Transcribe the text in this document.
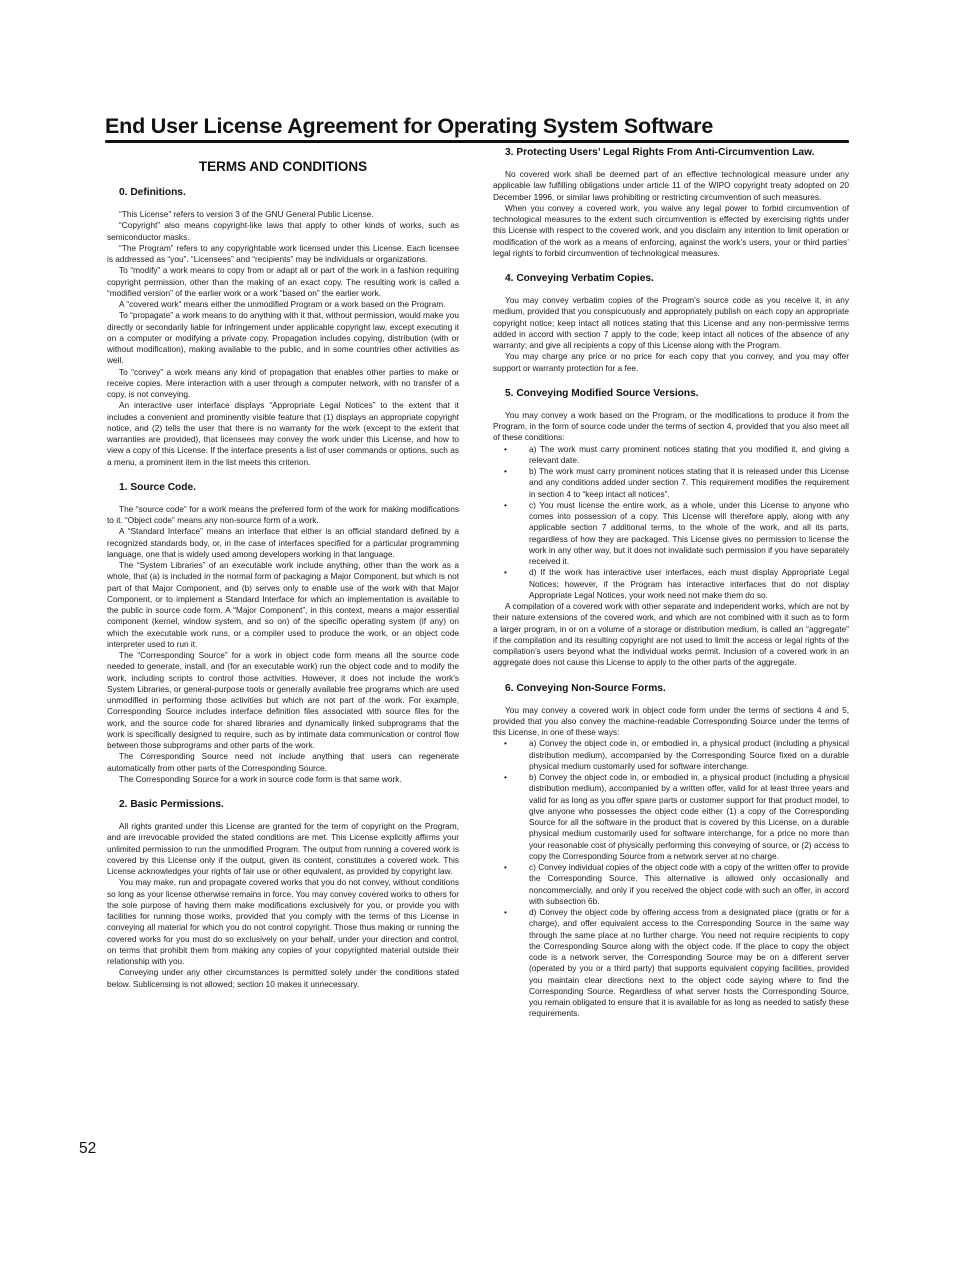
End User License Agreement for Operating System Software
TERMS AND CONDITIONS
0. Definitions.

“This License” refers to version 3 of the GNU General Public License.

“Copyright” also means copyright-like laws that apply to other kinds of works, such as semiconductor masks.

“The Program” refers to any copyrightable work licensed under this License. Each licensee is addressed as “you”. “Licensees” and “recipients” may be individuals or organizations.

To “modify” a work means to copy from or adapt all or part of the work in a fashion requiring copyright permission, other than the making of an exact copy. The resulting work is called a “modified version” of the earlier work or a work “based on” the earlier work.

A “covered work” means either the unmodified Program or a work based on the Program.

To “propagate” a work means to do anything with it that, without permission, would make you directly or secondarily liable for infringement under applicable copyright law, except executing it on a computer or modifying a private copy. Propagation includes copying, distribution (with or without modification), making available to the public, and in some countries other activities as well.

To “convey” a work means any kind of propagation that enables other parties to make or receive copies. Mere interaction with a user through a computer network, with no transfer of a copy, is not conveying.

An interactive user interface displays “Appropriate Legal Notices” to the extent that it includes a convenient and prominently visible feature that (1) displays an appropriate copyright notice, and (2) tells the user that there is no warranty for the work (except to the extent that warranties are provided), that licensees may convey the work under this License, and how to view a copy of this License. If the interface presents a list of user commands or options, such as a menu, a prominent item in the list meets this criterion.

1. Source Code.

The “source code” for a work means the preferred form of the work for making modifications to it. “Object code” means any non-source form of a work.

A “Standard Interface” means an interface that either is an official standard defined by a recognized standards body, or, in the case of interfaces specified for a particular programming language, one that is widely used among developers working in that language.

The “System Libraries” of an executable work include anything, other than the work as a whole, that (a) is included in the normal form of packaging a Major Component, but which is not part of that Major Component, and (b) serves only to enable use of the work with that Major Component, or to implement a Standard Interface for which an implementation is available to the public in source code form. A “Major Component”, in this context, means a major essential component (kernel, window system, and so on) of the specific operating system (if any) on which the executable work runs, or a compiler used to produce the work, or an object code interpreter used to run it.

The “Corresponding Source” for a work in object code form means all the source code needed to generate, install, and (for an executable work) run the object code and to modify the work, including scripts to control those activities. However, it does not include the work’s System Libraries, or general-purpose tools or generally available free programs which are used unmodified in performing those activities but which are not part of the work. For example, Corresponding Source includes interface definition files associated with source files for the work, and the source code for shared libraries and dynamically linked subprograms that the work is specifically designed to require, such as by intimate data communication or control flow between those subprograms and other parts of the work.

The Corresponding Source need not include anything that users can regenerate automatically from other parts of the Corresponding Source.

The Corresponding Source for a work in source code form is that same work.

2. Basic Permissions.

All rights granted under this License are granted for the term of copyright on the Program, and are irrevocable provided the stated conditions are met. This License explicitly affirms your unlimited permission to run the unmodified Program. The output from running a covered work is covered by this License only if the output, given its content, constitutes a covered work. This License acknowledges your rights of fair use or other equivalent, as provided by copyright law.

You may make, run and propagate covered works that you do not convey, without conditions so long as your license otherwise remains in force. You may convey covered works to others for the sole purpose of having them make modifications exclusively for you, or provide you with facilities for running those works, provided that you comply with the terms of this License in conveying all material for which you do not control copyright. Those thus making or running the covered works for you must do so exclusively on your behalf, under your direction and control, on terms that prohibit them from making any copies of your copyrighted material outside their relationship with you.

Conveying under any other circumstances is permitted solely under the conditions stated below. Sublicensing is not allowed; section 10 makes it unnecessary.

3. Protecting Users’ Legal Rights From Anti-Circumvention Law.

No covered work shall be deemed part of an effective technological measure under any applicable law fulfilling obligations under article 11 of the WIPO copyright treaty adopted on 20 December 1996, or similar laws prohibiting or restricting circumvention of such measures.

When you convey a covered work, you waive any legal power to forbid circumvention of technological measures to the extent such circumvention is effected by exercising rights under this License with respect to the covered work, and you disclaim any intention to limit operation or modification of the work as a means of enforcing, against the work’s users, your or third parties’ legal rights to forbid circumvention of technological measures.

4. Conveying Verbatim Copies.

You may convey verbatim copies of the Program’s source code as you receive it, in any medium, provided that you conspicuously and appropriately publish on each copy an appropriate copyright notice; keep intact all notices stating that this License and any non-permissive terms added in accord with section 7 apply to the code; keep intact all notices of the absence of any warranty; and give all recipients a copy of this License along with the Program.

You may charge any price or no price for each copy that you convey, and you may offer support or warranty protection for a fee.

5. Conveying Modified Source Versions.

You may convey a work based on the Program, or the modifications to produce it from the Program, in the form of source code under the terms of section 4, provided that you also meet all of these conditions:

•	a) The work must carry prominent notices stating that you modified it, and giving a relevant date.
•	b) The work must carry prominent notices stating that it is released under this License and any conditions added under section 7. This requirement modifies the requirement in section 4 to “keep intact all notices”.
•	c) You must license the entire work, as a whole, under this License to anyone who comes into possession of a copy. This License will therefore apply, along with any applicable section 7 additional terms, to the whole of the work, and all its parts, regardless of how they are packaged. This License gives no permission to license the work in any other way, but it does not invalidate such permission if you have separately received it.
•	d) If the work has interactive user interfaces, each must display Appropriate Legal Notices; however, if the Program has interactive interfaces that do not display Appropriate Legal Notices, your work need not make them do so.

A compilation of a covered work with other separate and independent works, which are not by their nature extensions of the covered work, and which are not combined with it such as to form a larger program, in or on a volume of a storage or distribution medium, is called an “aggregate” if the compilation and its resulting copyright are not used to limit the access or legal rights of the compilation’s users beyond what the individual works permit. Inclusion of a covered work in an aggregate does not cause this License to apply to the other parts of the aggregate.

6. Conveying Non-Source Forms.

You may convey a covered work in object code form under the terms of sections 4 and 5, provided that you also convey the machine-readable Corresponding Source under the terms of this License, in one of these ways:

•	a) Convey the object code in, or embodied in, a physical product (including a physical distribution medium), accompanied by the Corresponding Source fixed on a durable physical medium customarily used for software interchange.
•	b) Convey the object code in, or embodied in, a physical product (including a physical distribution medium), accompanied by a written offer, valid for at least three years and valid for as long as you offer spare parts or customer support for that product model, to give anyone who possesses the object code either (1) a copy of the Corresponding Source for all the software in the product that is covered by this License, on a durable physical medium customarily used for software interchange, for a price no more than your reasonable cost of physically performing this conveying of source, or (2) access to copy the Corresponding Source from a network server at no charge.
•	c) Convey individual copies of the object code with a copy of the written offer to provide the Corresponding Source. This alternative is allowed only occasionally and noncommercially, and only if you received the object code with such an offer, in accord with subsection 6b.
•	d) Convey the object code by offering access from a designated place (gratis or for a charge), and offer equivalent access to the Corresponding Source in the same way through the same place at no further charge. You need not require recipients to copy the Corresponding Source along with the object code. If the place to copy the object code is a network server, the Corresponding Source may be on a different server (operated by you or a third party) that supports equivalent copying facilities, provided you maintain clear directions next to the object code saying where to find the Corresponding Source. Regardless of what server hosts the Corresponding Source, you remain obligated to ensure that it is available for as long as needed to satisfy these requirements.

52
